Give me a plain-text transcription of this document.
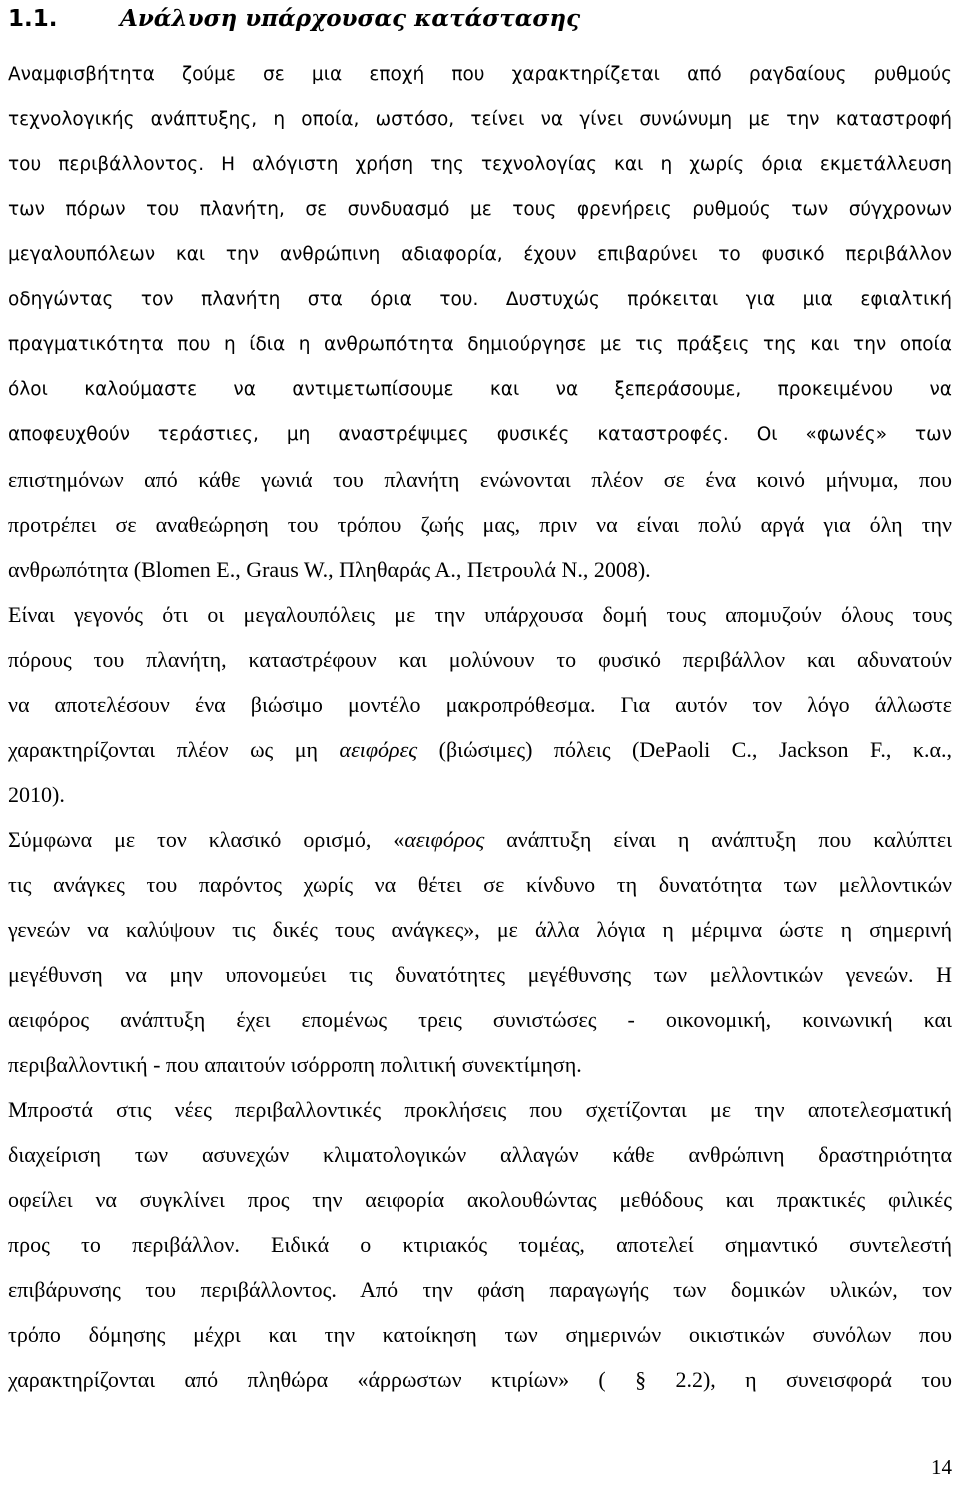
1.1.	Ανάλυση υπάρχουσας κατάστασης
Αναμφισβήτητα ζούμε σε μια εποχή που χαρακτηρίζεται από ραγδαίους ρυθμούς
τεχνολογικής ανάπτυξης, η οποία, ωστόσο, τείνει να γίνει συνώνυμη με την καταστροφή
του περιβάλλοντος. Η αλόγιστη χρήση της τεχνολογίας και η χωρίς όρια εκμετάλλευση
των πόρων του πλανήτη, σε συνδυασμό με τους φρενήρεις ρυθμούς των σύγχρονων
μεγαλουπόλεων και την ανθρώπινη αδιαφορία, έχουν επιβαρύνει το φυσικό περιβάλλον
οδηγώντας τον πλανήτη στα όρια του. Δυστυχώς πρόκειται για μια εφιαλτική
πραγματικότητα που η ίδια η ανθρωπότητα δημιούργησε με τις πράξεις της και την οποία
όλοι καλούμαστε να αντιμετωπίσουμε και να ξεπεράσουμε, προκειμένου να
αποφευχθούν τεράστιες, μη αναστρέψιμες φυσικές καταστροφές. Οι «φωνές» των
επιστημόνων από κάθε γωνιά του πλανήτη ενώνονται πλέον σε ένα κοινό μήνυμα, που
προτρέπει σε αναθεώρηση του τρόπου ζωής μας, πριν να είναι πολύ αργά για όλη την
ανθρωπότητα (Blomen E., Graus W., Πληθαράς Α., Πετρουλά Ν., 2008).
Είναι γεγονός ότι οι μεγαλουπόλεις με την υπάρχουσα δομή τους απομυζούν όλους τους
πόρους του πλανήτη, καταστρέφουν και μολύνουν το φυσικό περιβάλλον και αδυνατούν
να αποτελέσουν ένα βιώσιμο μοντέλο μακροπρόθεσμα. Για αυτόν τον λόγο άλλωστε
χαρακτηρίζονται πλέον ως μη αειφόρες (βιώσιμες) πόλεις (DePaoli C., Jackson F., κ.α.,
2010).
Σύμφωνα με τον κλασικό ορισμό, «αειφόρος ανάπτυξη είναι η ανάπτυξη που καλύπτει
τις ανάγκες του παρόντος χωρίς να θέτει σε κίνδυνο τη δυνατότητα των μελλοντικών
γενεών να καλύψουν τις δικές τους ανάγκες», με άλλα λόγια η μέριμνα ώστε η σημερινή
μεγέθυνση να μην υπονομεύει τις δυνατότητες μεγέθυνσης των μελλοντικών γενεών. Η
αειφόρος ανάπτυξη έχει επομένως τρεις συνιστώσες - οικονομική, κοινωνική και
περιβαλλοντική - που απαιτούν ισόρροπη πολιτική συνεκτίμηση.
Μπροστά στις νέες περιβαλλοντικές προκλήσεις που σχετίζονται με την αποτελεσματική
διαχείριση των ασυνεχών κλιματολογικών αλλαγών κάθε ανθρώπινη δραστηριότητα
οφείλει να συγκλίνει προς την αειφορία ακολουθώντας μεθόδους και πρακτικές φιλικές
προς το περιβάλλον. Ειδικά ο κτιριακός τομέας, αποτελεί σημαντικό συντελεστή
επιβάρυνσης του περιβάλλοντος. Από την φάση παραγωγής των δομικών υλικών, τον
τρόπο δόμησης μέχρι και την κατοίκηση των σημερινών οικιστικών συνόλων που
χαρακτηρίζονται από πληθώρα «άρρωστων κτιρίων» ( § 2.2), η συνεισφορά του
14
